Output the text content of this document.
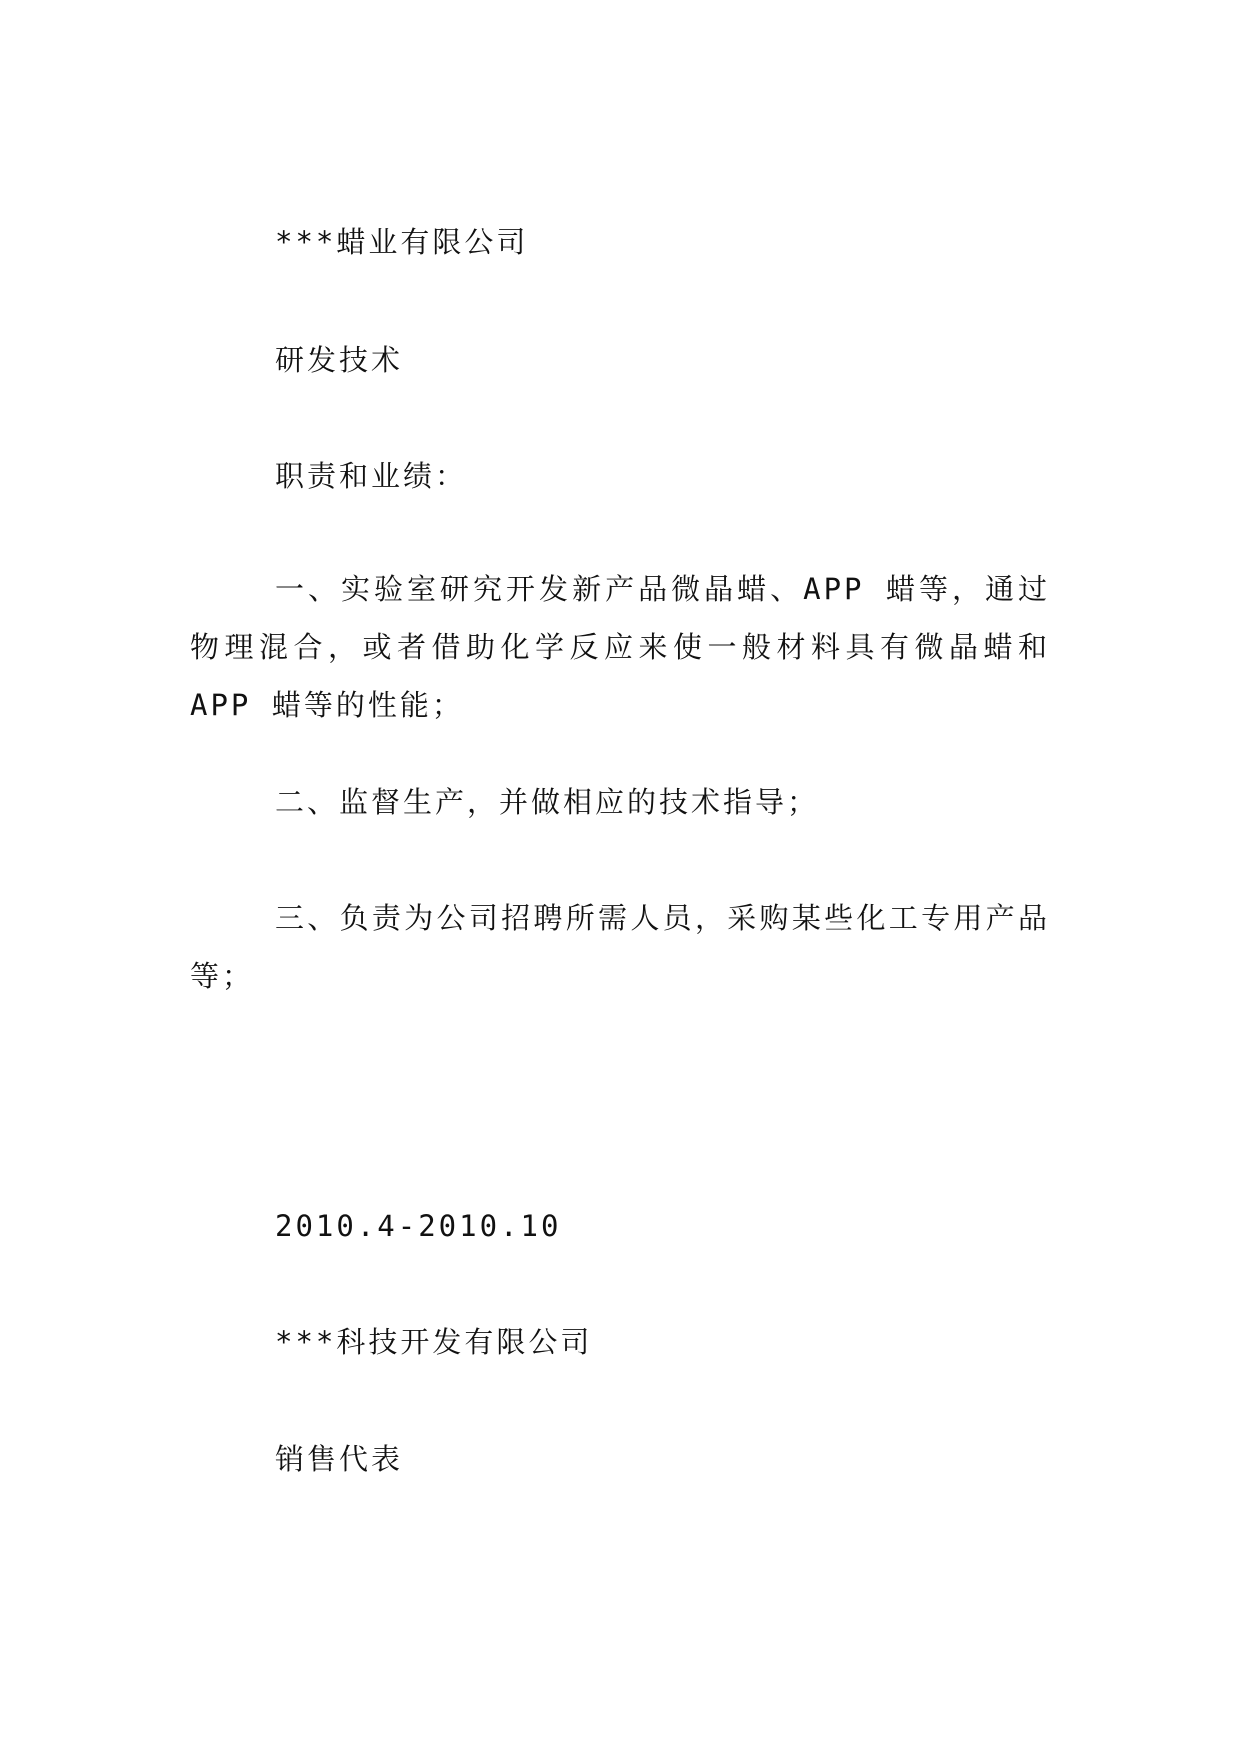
***蜡业有限公司

研发技术

职责和业绩：

一、实验室研究开发新产品微晶蜡、APP 蜡等，通过物理混合，或者借助化学反应来使一般材料具有微晶蜡和 APP 蜡等的性能；

二、监督生产，并做相应的技术指导；

三、负责为公司招聘所需人员，采购某些化工专用产品等；

2010.4-2010.10

***科技开发有限公司

销售代表
